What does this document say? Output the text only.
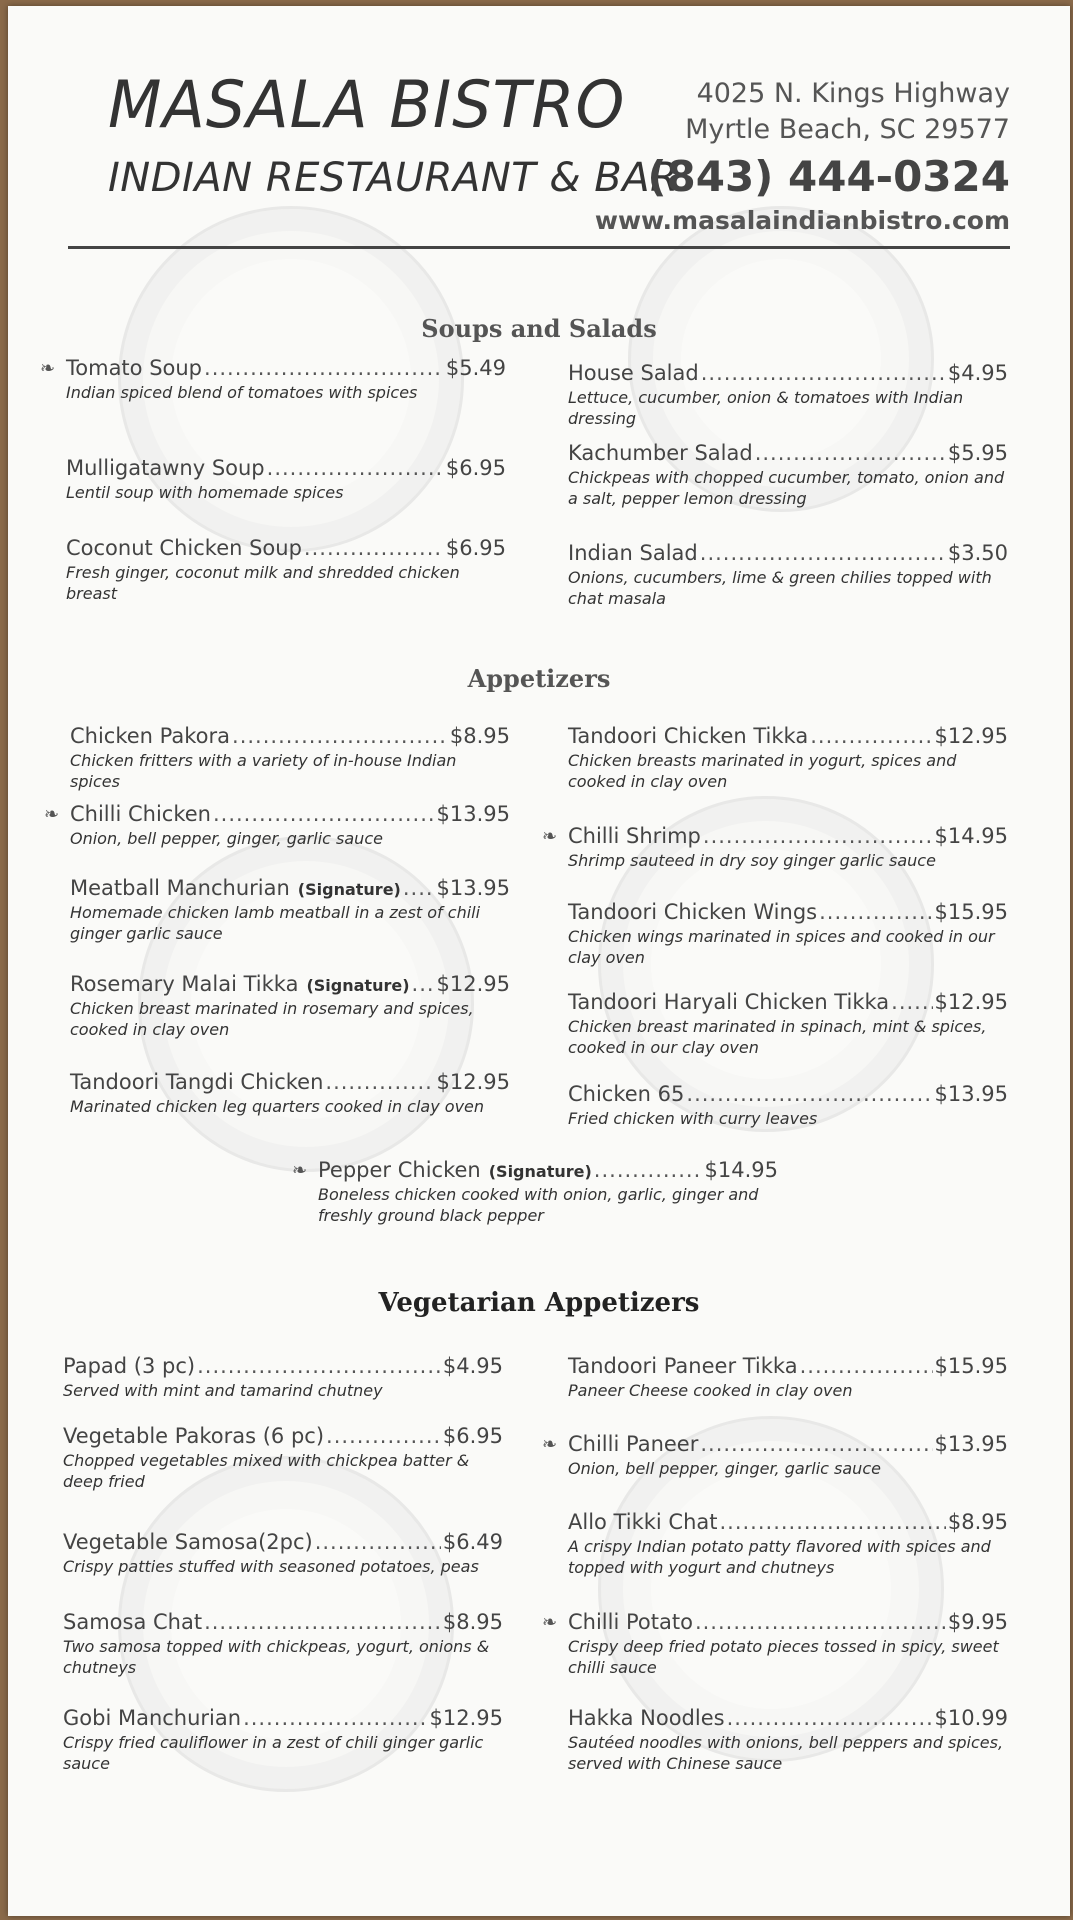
MASALA BISTRO
INDIAN RESTAURANT & BAR
4025 N. Kings Highway
Myrtle Beach, SC 29577
(843) 444-0324
www.masalaindianbistro.com
Soups and Salads
❧ Tomato Soup .....	$5.49
Indian spiced blend of tomatoes with spices
Mulligatawny Soup .....	$6.95
Lentil soup with homemade spices
Coconut Chicken Soup .....	$6.95
Fresh ginger, coconut milk and shredded chicken breast
House Salad .....	$4.95
Lettuce, cucumber, onion & tomatoes with Indian dressing
Kachumber Salad .....	$5.95
Chickpeas with chopped cucumber, tomato, onion and a salt, pepper lemon dressing
Indian Salad .....	$3.50
Onions, cucumbers, lime & green chilies topped with chat masala
Appetizers
Chicken Pakora .....	$8.95
Chicken fritters with a variety of in-house Indian spices
❧ Chilli Chicken .....	$13.95
Onion, bell pepper, ginger, garlic sauce
Meatball Manchurian (Signature) ..... $13.95
Homemade chicken lamb meatball in a zest of chili ginger garlic sauce
Rosemary Malai Tikka (Signature) ..... $12.95
Chicken breast marinated in rosemary and spices, cooked in clay oven
Tandoori Tangdi Chicken .....	$12.95
Marinated chicken leg quarters cooked in clay oven
Tandoori Chicken Tikka .....	$12.95
Chicken breasts marinated in yogurt, spices and cooked in clay oven
❧ Chilli Shrimp .....	$14.95
Shrimp sauteed in dry soy ginger garlic sauce
Tandoori Chicken Wings .....	$15.95
Chicken wings marinated in spices and cooked in our clay oven
Tandoori Haryali Chicken Tikka ..... $12.95
Chicken breast marinated in spinach, mint & spices, cooked in our clay oven
Chicken 65 .....	$13.95
Fried chicken with curry leaves
❧ Pepper Chicken (Signature) .....	$14.95
Boneless chicken cooked with onion, garlic, ginger and freshly ground black pepper
Vegetarian Appetizers
Papad (3 pc) .....	$4.95
Served with mint and tamarind chutney
Vegetable Pakoras (6 pc) .....	$6.95
Chopped vegetables mixed with chickpea batter & deep fried
Vegetable Samosa(2pc) .....	$6.49
Crispy patties stuffed with seasoned potatoes, peas
Samosa Chat .....	$8.95
Two samosa topped with chickpeas, yogurt, onions & chutneys
Gobi Manchurian .....	$12.95
Crispy fried cauliflower in a zest of chili ginger garlic sauce
Tandoori Paneer Tikka .....	$15.95
Paneer Cheese cooked in clay oven
❧ Chilli Paneer .....	$13.95
Onion, bell pepper, ginger, garlic sauce
Allo Tikki Chat .....	$8.95
A crispy Indian potato patty flavored with spices and topped with yogurt and chutneys
❧ Chilli Potato .....	$9.95
Crispy deep fried potato pieces tossed in spicy, sweet chilli sauce
Hakka Noodles .....	$10.99
Sautéed noodles with onions, bell peppers and spices, served with Chinese sauce
